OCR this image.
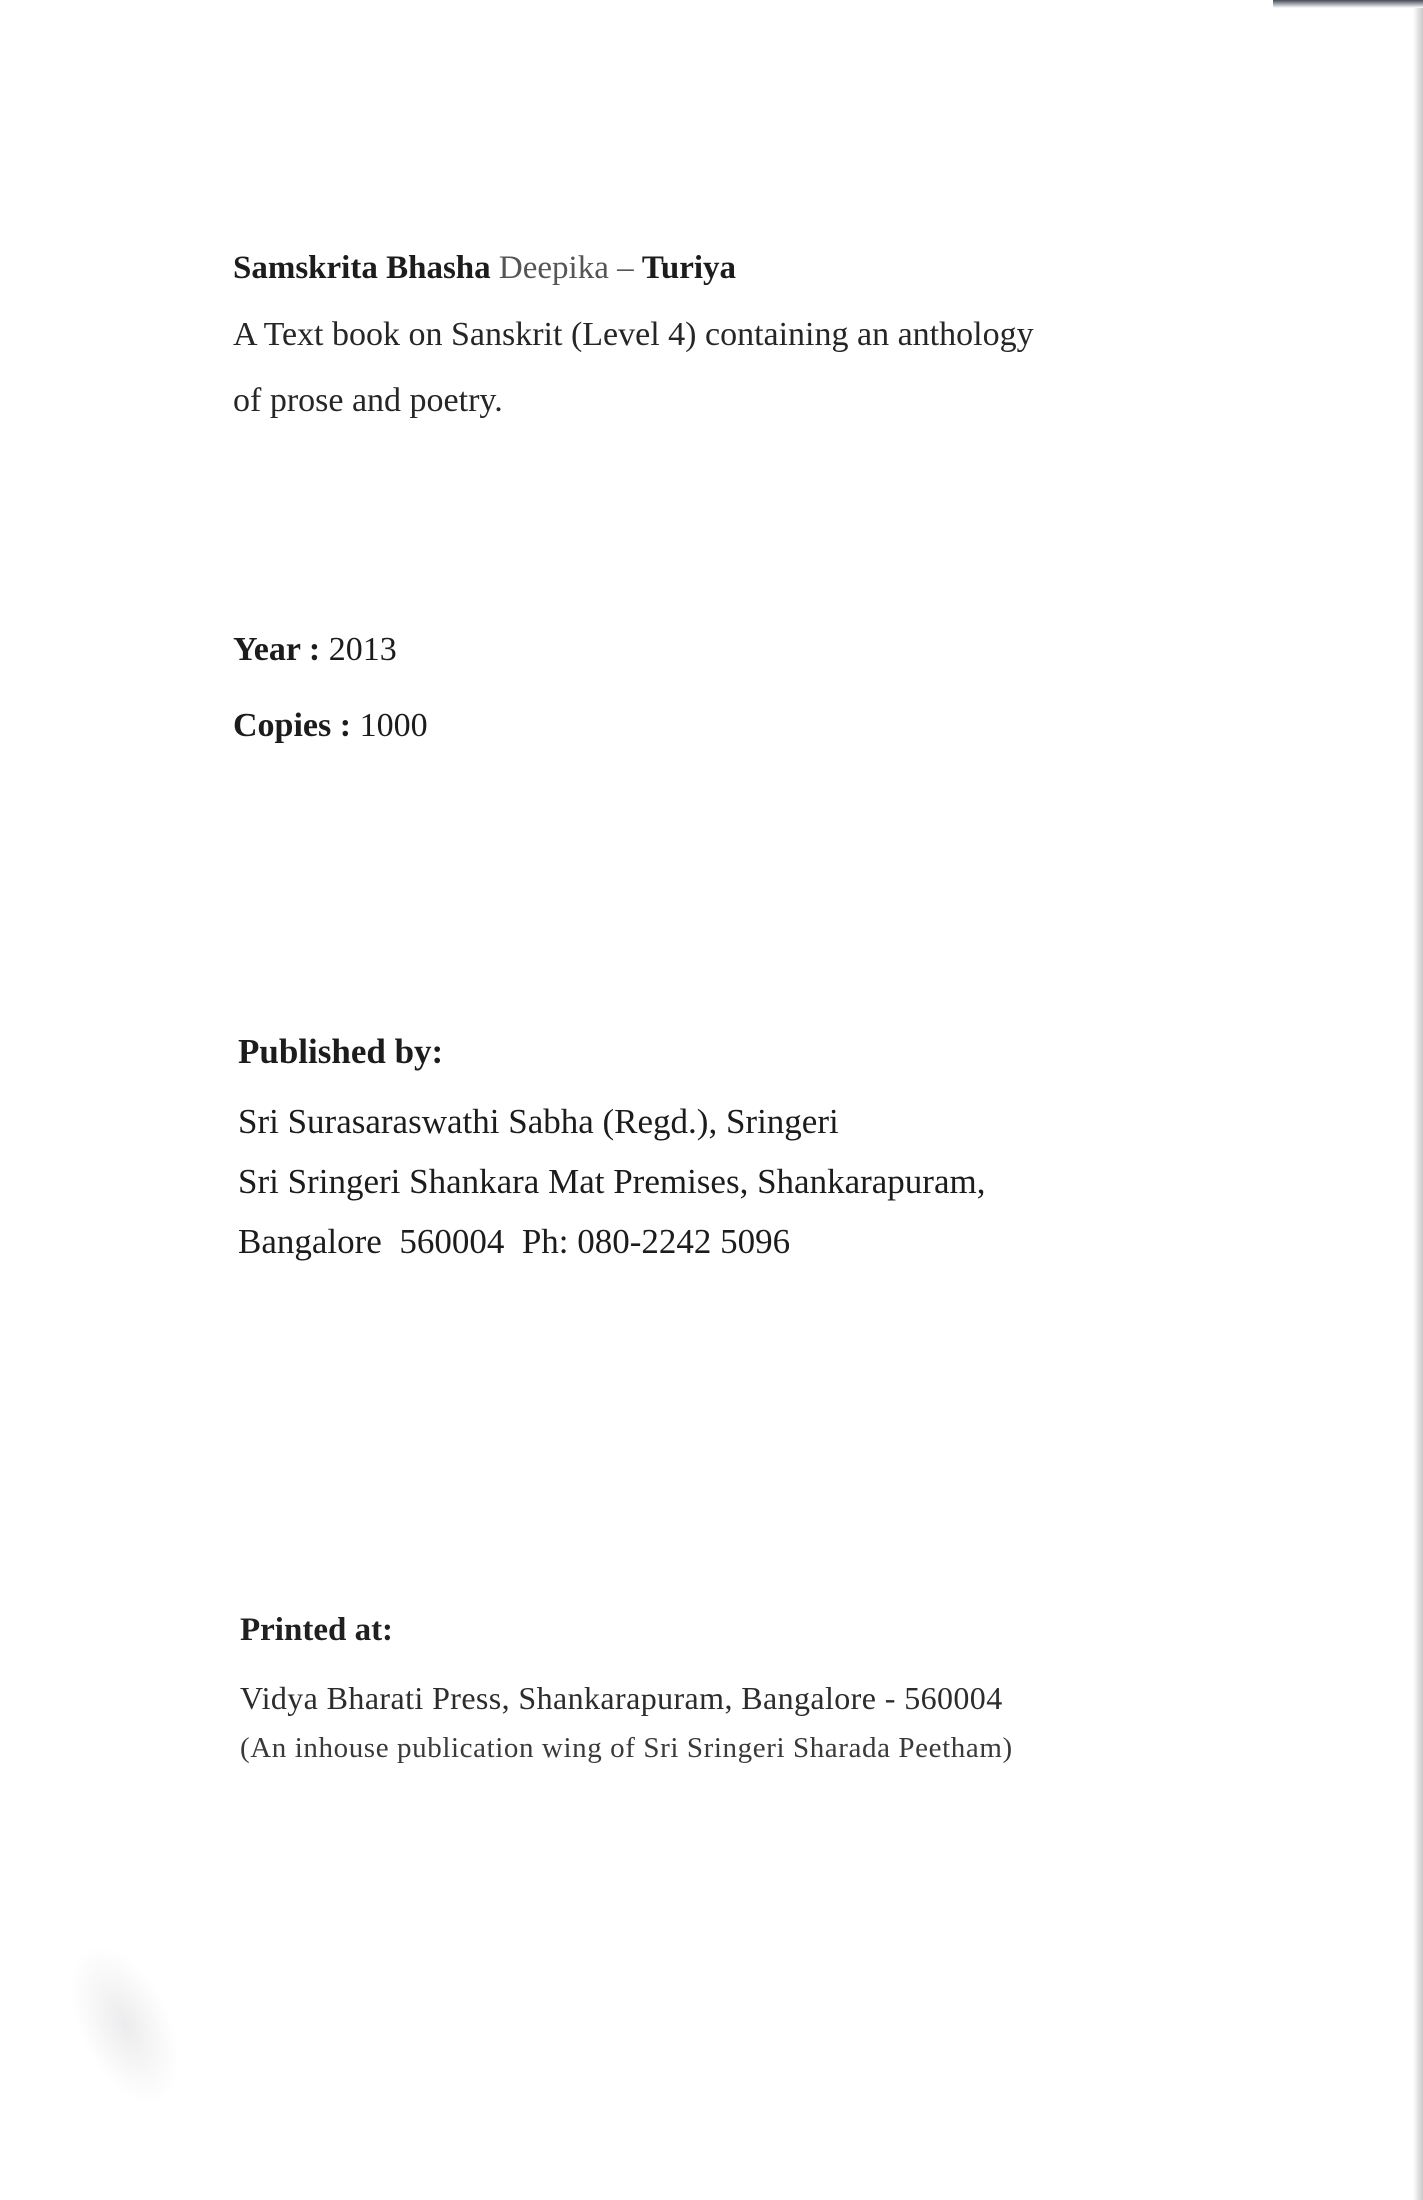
Samskrita Bhasha Deepika – Turiya
A Text book on Sanskrit (Level 4) containing an anthology
of prose and poetry.
Year : 2013
Copies : 1000
Published by:
Sri Surasaraswathi Sabha (Regd.), Sringeri
Sri Sringeri Shankara Mat Premises, Shankarapuram,
Bangalore  560004  Ph: 080-2242 5096
Printed at:
Vidya Bharati Press, Shankarapuram, Bangalore - 560004
(An inhouse publication wing of Sri Sringeri Sharada Peetham)
